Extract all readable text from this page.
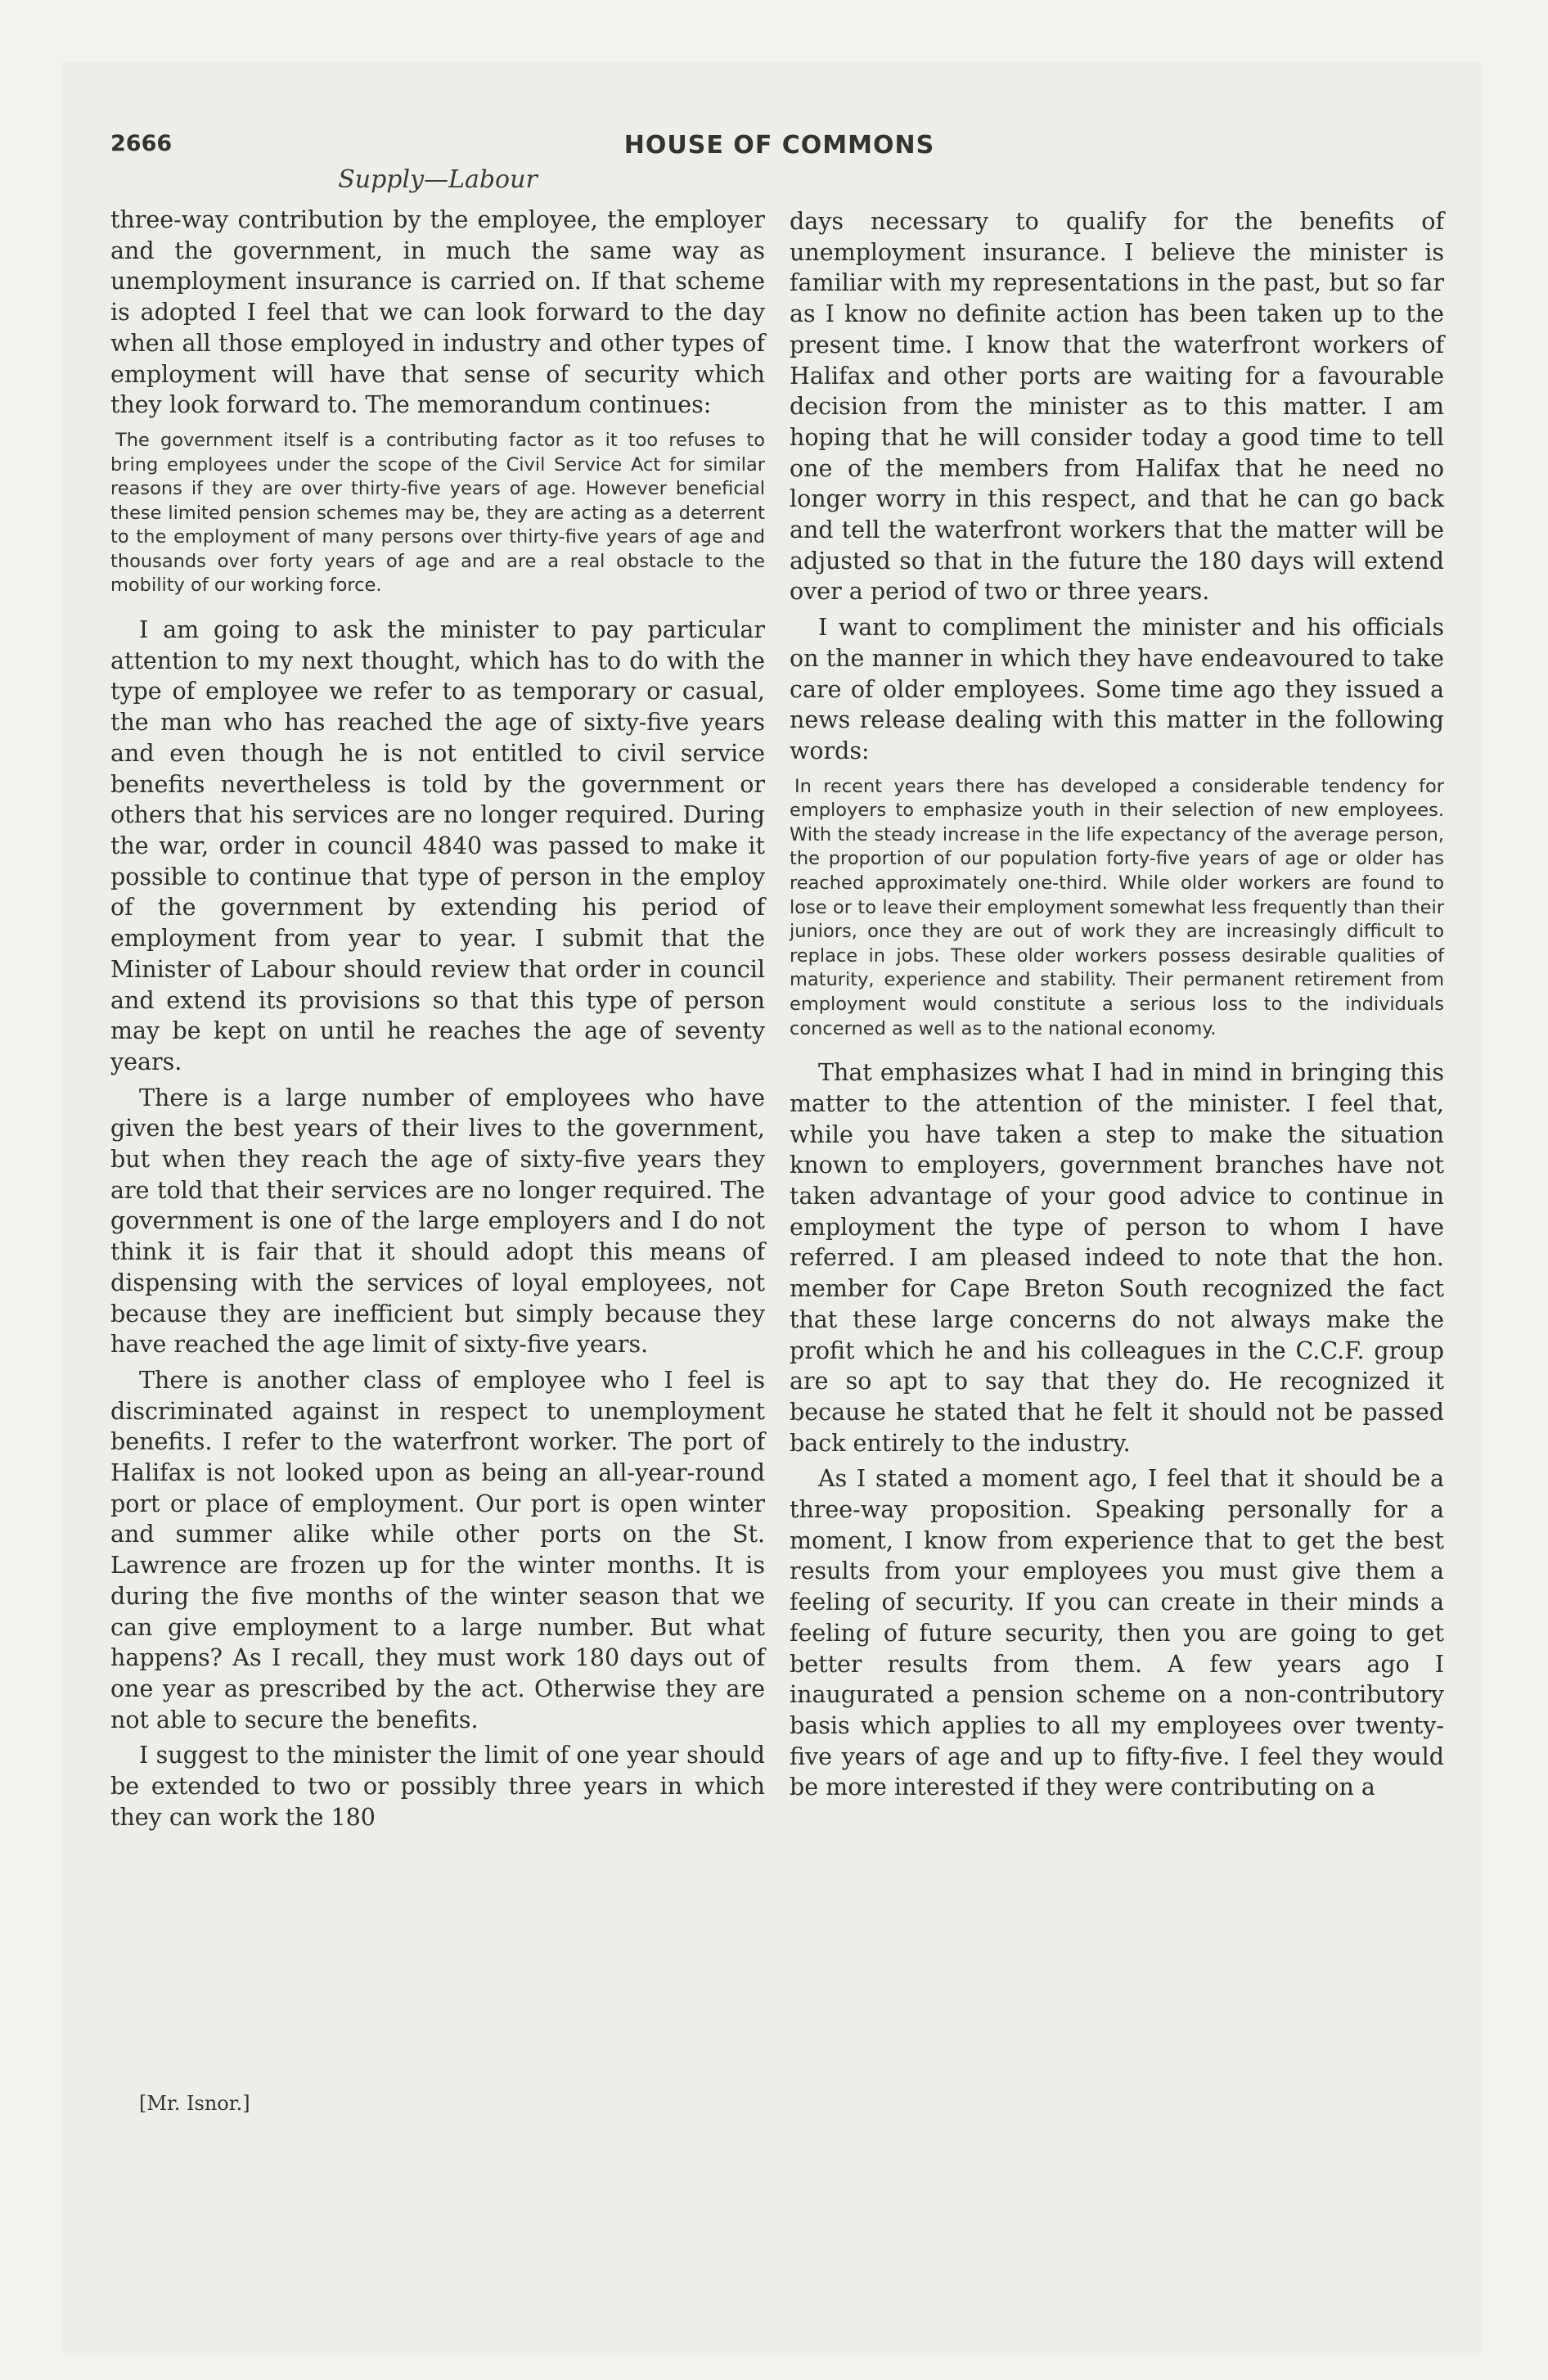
2666	HOUSE OF COMMONS
Supply—Labour

three-way contribution by the employee, the employer and the government, in much the same way as unemployment insurance is carried on. If that scheme is adopted I feel that we can look forward to the day when all those employed in industry and other types of employment will have that sense of security which they look forward to. The memorandum continues:

The government itself is a contributing factor as it too refuses to bring employees under the scope of the Civil Service Act for similar reasons if they are over thirty-five years of age. However beneficial these limited pension schemes may be, they are acting as a deterrent to the employment of many persons over thirty-five years of age and thousands over forty years of age and are a real obstacle to the mobility of our working force.

I am going to ask the minister to pay particular attention to my next thought, which has to do with the type of employee we refer to as temporary or casual, the man who has reached the age of sixty-five years and even though he is not entitled to civil service benefits nevertheless is told by the government or others that his services are no longer required. During the war, order in council 4840 was passed to make it possible to continue that type of person in the employ of the government by extending his period of employment from year to year. I submit that the Minister of Labour should review that order in council and extend its provisions so that this type of person may be kept on until he reaches the age of seventy years.

There is a large number of employees who have given the best years of their lives to the government, but when they reach the age of sixty-five years they are told that their services are no longer required. The government is one of the large employers and I do not think it is fair that it should adopt this means of dispensing with the services of loyal employees, not because they are inefficient but simply because they have reached the age limit of sixty-five years.

There is another class of employee who I feel is discriminated against in respect to unemployment benefits. I refer to the waterfront worker. The port of Halifax is not looked upon as being an all-year-round port or place of employment. Our port is open winter and summer alike while other ports on the St. Lawrence are frozen up for the winter months. It is during the five months of the winter season that we can give employment to a large number. But what happens? As I recall, they must work 180 days out of one year as prescribed by the act. Otherwise they are not able to secure the benefits.

I suggest to the minister the limit of one year should be extended to two or possibly three years in which they can work the 180

days necessary to qualify for the benefits of unemployment insurance. I believe the minister is familiar with my representations in the past, but so far as I know no definite action has been taken up to the present time. I know that the waterfront workers of Halifax and other ports are waiting for a favourable decision from the minister as to this matter. I am hoping that he will consider today a good time to tell one of the members from Halifax that he need no longer worry in this respect, and that he can go back and tell the waterfront workers that the matter will be adjusted so that in the future the 180 days will extend over a period of two or three years.

I want to compliment the minister and his officials on the manner in which they have endeavoured to take care of older employees. Some time ago they issued a news release dealing with this matter in the following words:

In recent years there has developed a considerable tendency for employers to emphasize youth in their selection of new employees. With the steady increase in the life expectancy of the average person, the proportion of our population forty-five years of age or older has reached approximately one-third. While older workers are found to lose or to leave their employment somewhat less frequently than their juniors, once they are out of work they are increasingly difficult to replace in jobs. These older workers possess desirable qualities of maturity, experience and stability. Their permanent retirement from employment would constitute a serious loss to the individuals concerned as well as to the national economy.

That emphasizes what I had in mind in bringing this matter to the attention of the minister. I feel that, while you have taken a step to make the situation known to employers, government branches have not taken advantage of your good advice to continue in employment the type of person to whom I have referred. I am pleased indeed to note that the hon. member for Cape Breton South recognized the fact that these large concerns do not always make the profit which he and his colleagues in the C.C.F. group are so apt to say that they do. He recognized it because he stated that he felt it should not be passed back entirely to the industry.

As I stated a moment ago, I feel that it should be a three-way proposition. Speaking personally for a moment, I know from experience that to get the best results from your employees you must give them a feeling of security. If you can create in their minds a feeling of future security, then you are going to get better results from them. A few years ago I inaugurated a pension scheme on a non-contributory basis which applies to all my employees over twenty-five years of age and up to fifty-five. I feel they would be more interested if they were contributing on a

[Mr. Isnor.]
